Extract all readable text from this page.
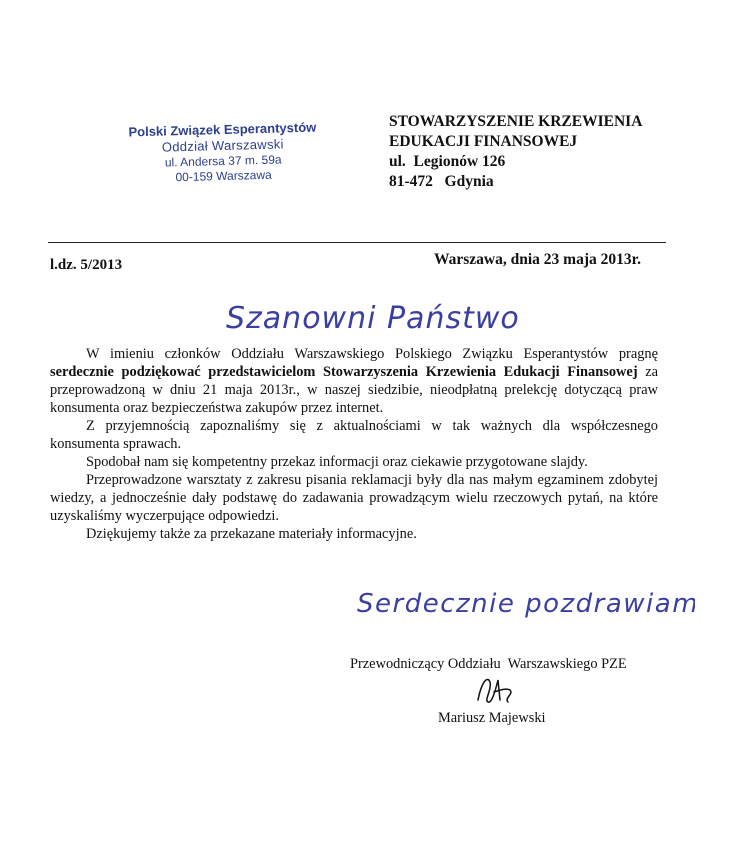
Polski Związek Esperantystów
Oddział Warszawski
ul. Andersa 37 m. 59a
00-159 Warszawa
STOWARZYSZENIE KRZEWIENIA
EDUKACJI FINANSOWEJ
ul.  Legionów 126
81-472   Gdynia
l.dz. 5/2013	Warszawa, dnia 23 maja 2013r.
Szanowni Państwo!

W imieniu członków Oddziału Warszawskiego Polskiego Związku Esperantystów pragnę serdecznie podziękować przedstawicielom Stowarzyszenia Krzewienia Edukacji Finansowej za przeprowadzoną w dniu 21 maja 2013r., w naszej siedzibie, nieodpłatną prelekcję dotyczącą praw konsumenta oraz bezpieczeństwa zakupów przez internet.

Z przyjemnością zapoznaliśmy się z aktualnościami w tak ważnych dla współczesnego konsumenta sprawach.

Spodobał nam się kompetentny przekaz informacji oraz ciekawie przygotowane slajdy.

Przeprowadzone warsztaty z zakresu pisania reklamacji były dla nas małym egzaminem zdobytej wiedzy, a jednocześnie dały podstawę do zadawania prowadzącym wielu rzeczowych pytań, na które uzyskaliśmy wyczerpujące odpowiedzi.

Dziękujemy także za przekazane materiały informacyjne.

Serdecznie pozdrawiam
Przewodniczący Oddziału  Warszawskiego PZE
Mariusz Majewski
